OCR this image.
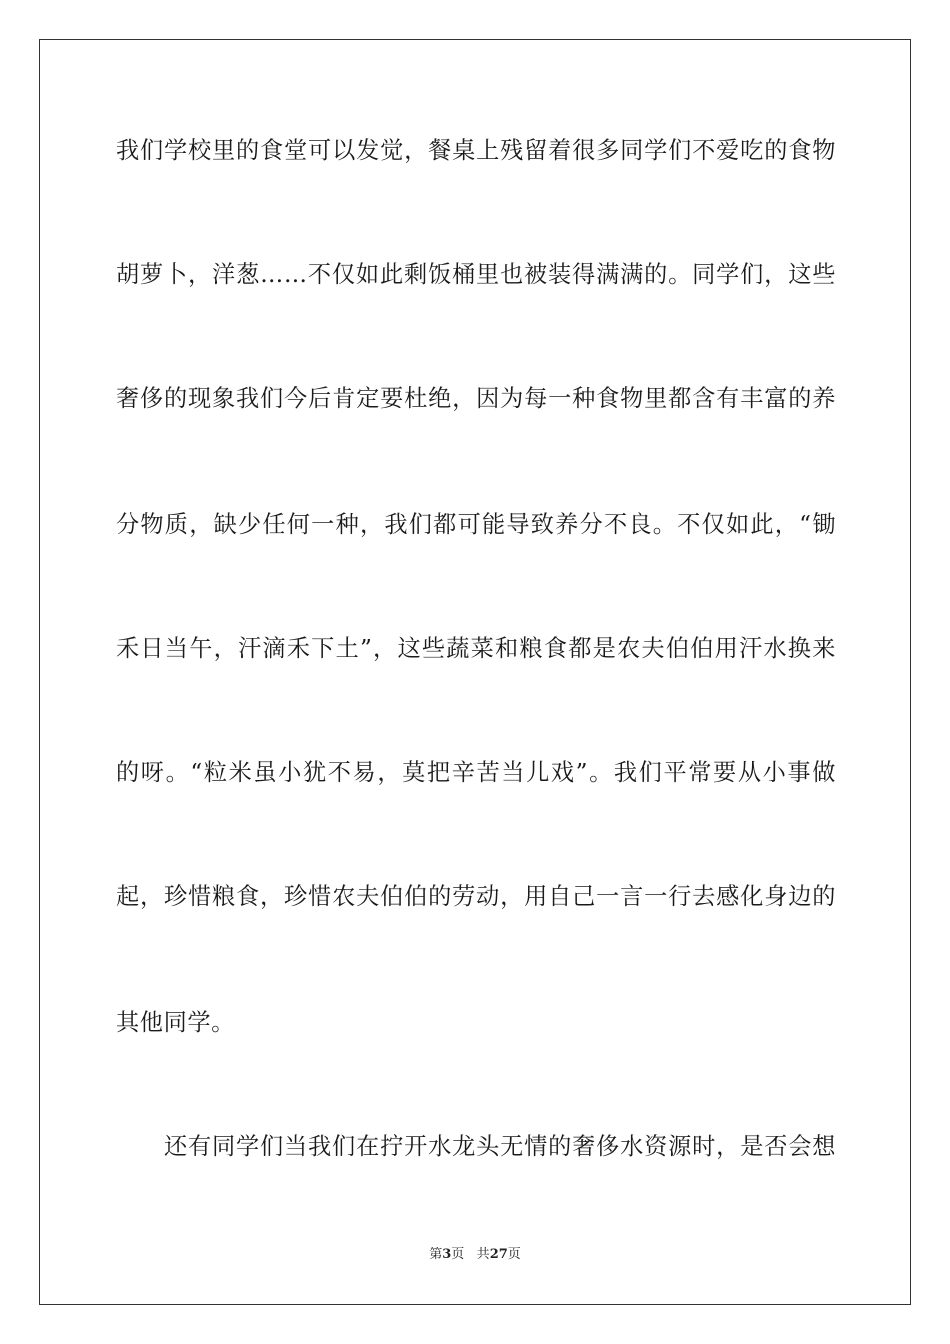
我们学校里的食堂可以发觉，餐桌上残留着很多同学们不爱吃的食物
胡萝卜，洋葱……不仅如此剩饭桶里也被装得满满的。同学们，这些
奢侈的现象我们今后肯定要杜绝，因为每一种食物里都含有丰富的养
分物质，缺少任何一种，我们都可能导致养分不良。不仅如此，“锄
禾日当午，汗滴禾下土”，这些蔬菜和粮食都是农夫伯伯用汗水换来
的呀。“粒米虽小犹不易，莫把辛苦当儿戏”。我们平常要从小事做
起，珍惜粮食，珍惜农夫伯伯的劳动，用自己一言一行去感化身边的
其他同学。
还有同学们当我们在拧开水龙头无情的奢侈水资源时，是否会想
第3页 共27页
